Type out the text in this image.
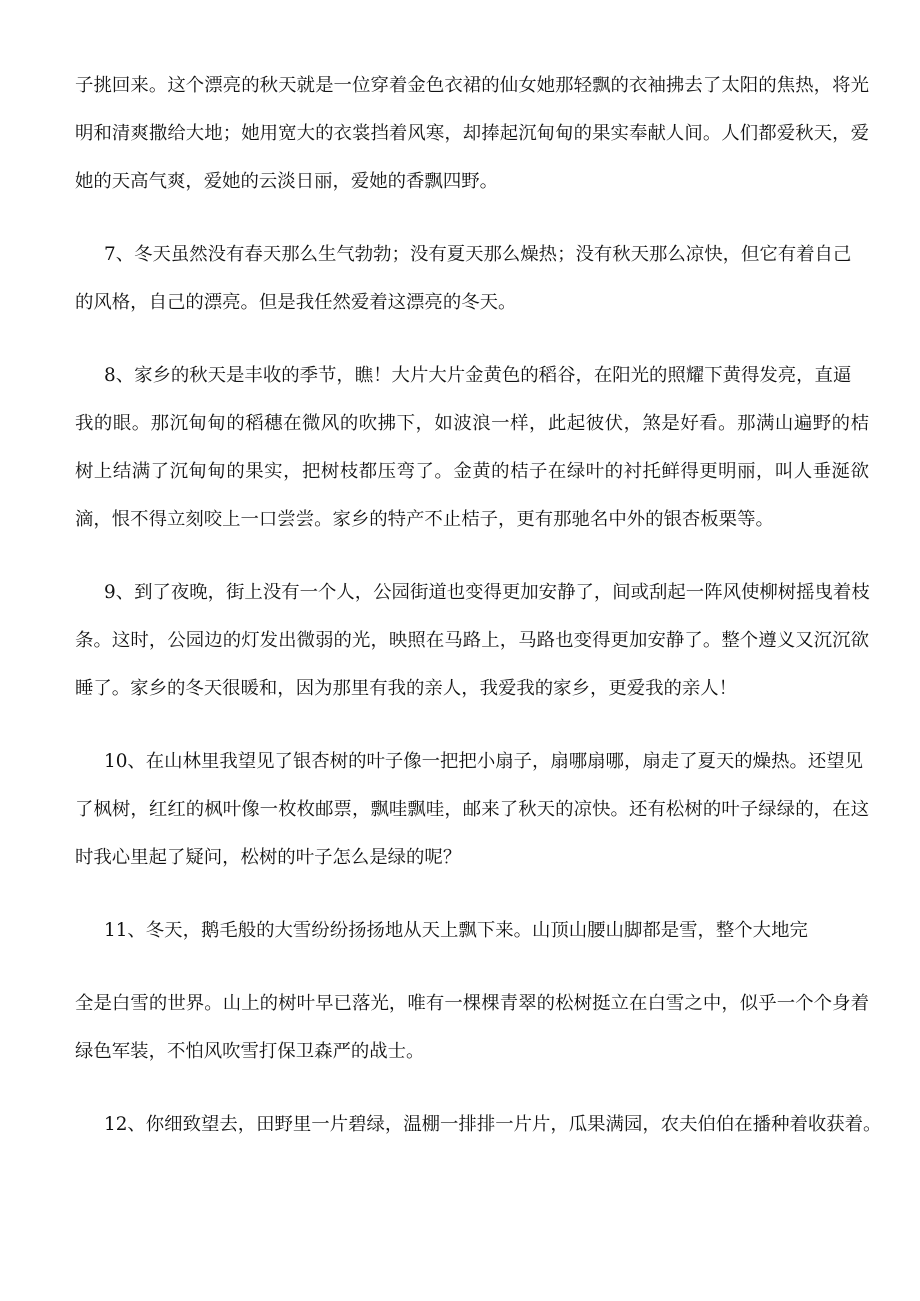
子挑回来。这个漂亮的秋天就是一位穿着金色衣裙的仙女她那轻飘的衣袖拂去了太阳的焦热，将光

明和清爽撒给大地；她用宽大的衣裳挡着风寒，却捧起沉甸甸的果实奉献人间。人们都爱秋天，爱

她的天高气爽，爱她的云淡日丽，爱她的香飘四野。

7、冬天虽然没有春天那么生气勃勃；没有夏天那么燥热；没有秋天那么凉快，但它有着自己

的风格，自己的漂亮。但是我任然爱着这漂亮的冬天。

8、家乡的秋天是丰收的季节，瞧！大片大片金黄色的稻谷，在阳光的照耀下黄得发亮，直逼

我的眼。那沉甸甸的稻穗在微风的吹拂下，如波浪一样，此起彼伏，煞是好看。那满山遍野的桔

树上结满了沉甸甸的果实，把树枝都压弯了。金黄的桔子在绿叶的衬托鲜得更明丽，叫人垂涎欲

滴，恨不得立刻咬上一口尝尝。家乡的特产不止桔子，更有那驰名中外的银杏板栗等。

9、到了夜晚，街上没有一个人，公园街道也变得更加安静了，间或刮起一阵风使柳树摇曳着枝

条。这时，公园边的灯发出微弱的光，映照在马路上，马路也变得更加安静了。整个遵义又沉沉欲

睡了。家乡的冬天很暖和，因为那里有我的亲人，我爱我的家乡，更爱我的亲人！

10、在山林里我望见了银杏树的叶子像一把把小扇子，扇哪扇哪，扇走了夏天的燥热。还望见

了枫树，红红的枫叶像一枚枚邮票，飘哇飘哇，邮来了秋天的凉快。还有松树的叶子绿绿的，在这

时我心里起了疑问，松树的叶子怎么是绿的呢？

11、冬天，鹅毛般的大雪纷纷扬扬地从天上飘下来。山顶山腰山脚都是雪，整个大地完

全是白雪的世界。山上的树叶早已落光，唯有一棵棵青翠的松树挺立在白雪之中，似乎一个个身着

绿色军装，不怕风吹雪打保卫森严的战士。

12、你细致望去，田野里一片碧绿，温棚一排排一片片，瓜果满园，农夫伯伯在播种着收获着。
